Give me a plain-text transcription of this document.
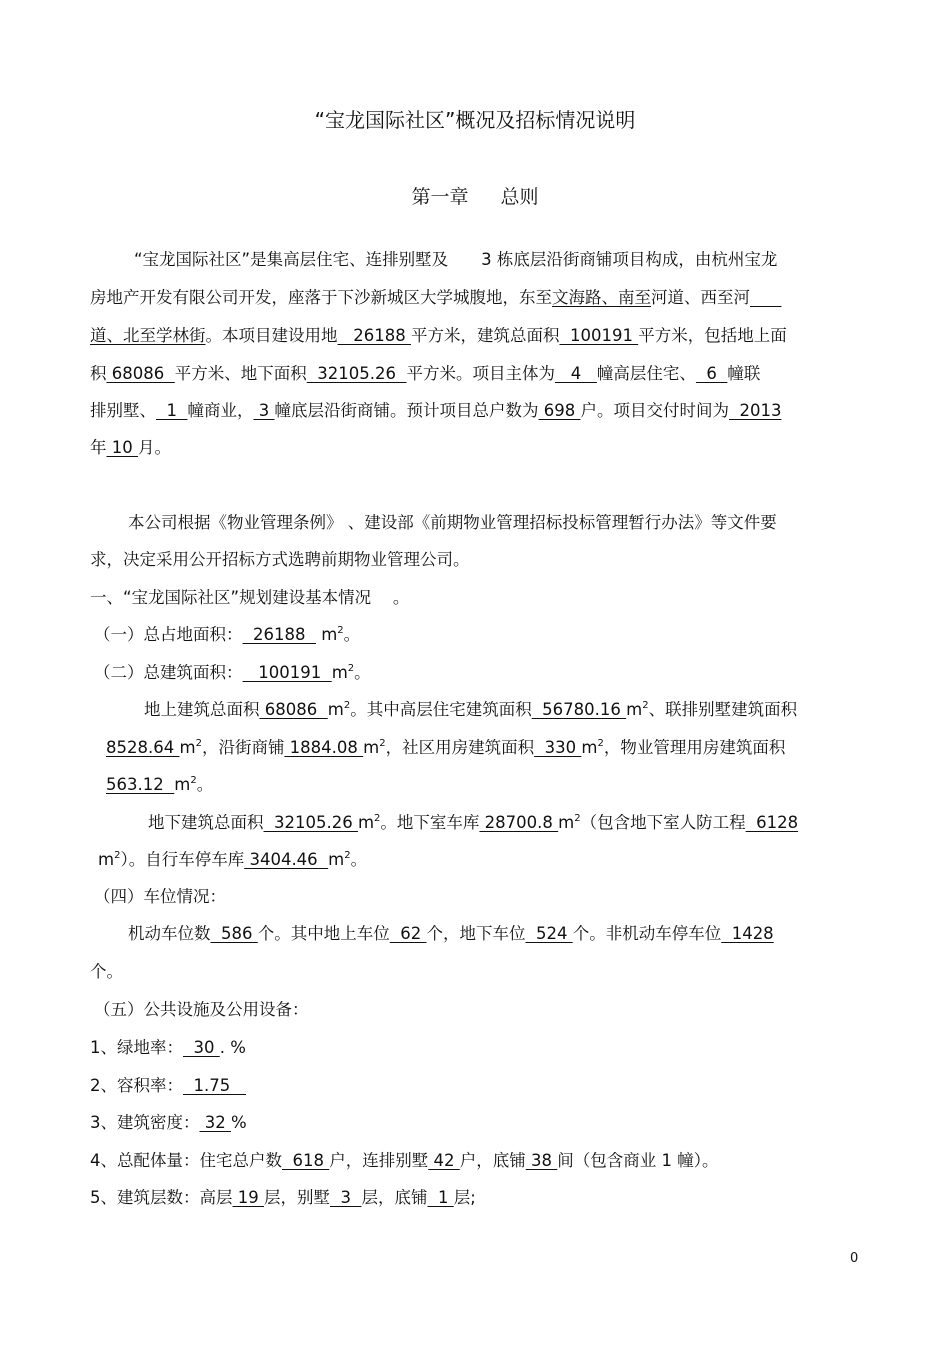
“宝龙国际社区”概况及招标情况说明
第一章 总则
“宝龙国际社区”是集高层住宅、连排别墅及　　3 栋底层沿街商铺项目构成，由杭州宝龙
房地产开发有限公司开发，座落于下沙新城区大学城腹地，东至文海路、南至河道、西至河
道、北至学林街。本项目建设用地   26188 平方米，建筑总面积  100191 平方米，包括地上面
积 68086  平方米、地下面积  32105.26  平方米。项目主体为   4   幢高层住宅、  6  幢联
排别墅、  1  幢商业， 3 幢底层沿街商铺。预计项目总户数为 698 户。项目交付时间为  2013
年 10 月。
本公司根据《物业管理条例》 、建设部《前期物业管理招标投标管理暂行办法》等文件要
求，决定采用公开招标方式选聘前期物业管理公司。
一、“宝龙国际社区”规划建设基本情况　 。
（一）总占地面积：  26188   $m^2$。
（二）总建筑面积：   100191  $m^2$。
地上建筑总面积 68086  $m^2$。其中高层住宅建筑面积  56780.16 $m^2$、联排别墅建筑面积
8528.64 $m^2$，沿街商铺 1884.08 $m^2$，社区用房建筑面积  330 $m^2$，物业管理用房建筑面积
563.12  $m^2$。
地下建筑总面积  32105.26 $m^2$。地下室车库 28700.8 $m^2$（包含地下室人防工程  6128
$m^2$）。自行车停车库 3404.46  $m^2$。
（四）车位情况：
机动车位数  586 个。其中地上车位  62 个，地下车位  524 个。非机动车停车位  1428
个。
（五）公共设施及公用设备：
1、绿地率：  30 . %
2、容积率：  1.75
3、建筑密度： 32 %
4、总配体量：住宅总户数  618 户，连排别墅 42 户，底铺 38 间（包含商业 1 幢）。
5、建筑层数：高层 19 层，别墅  3  层，底铺  1 层;
0
